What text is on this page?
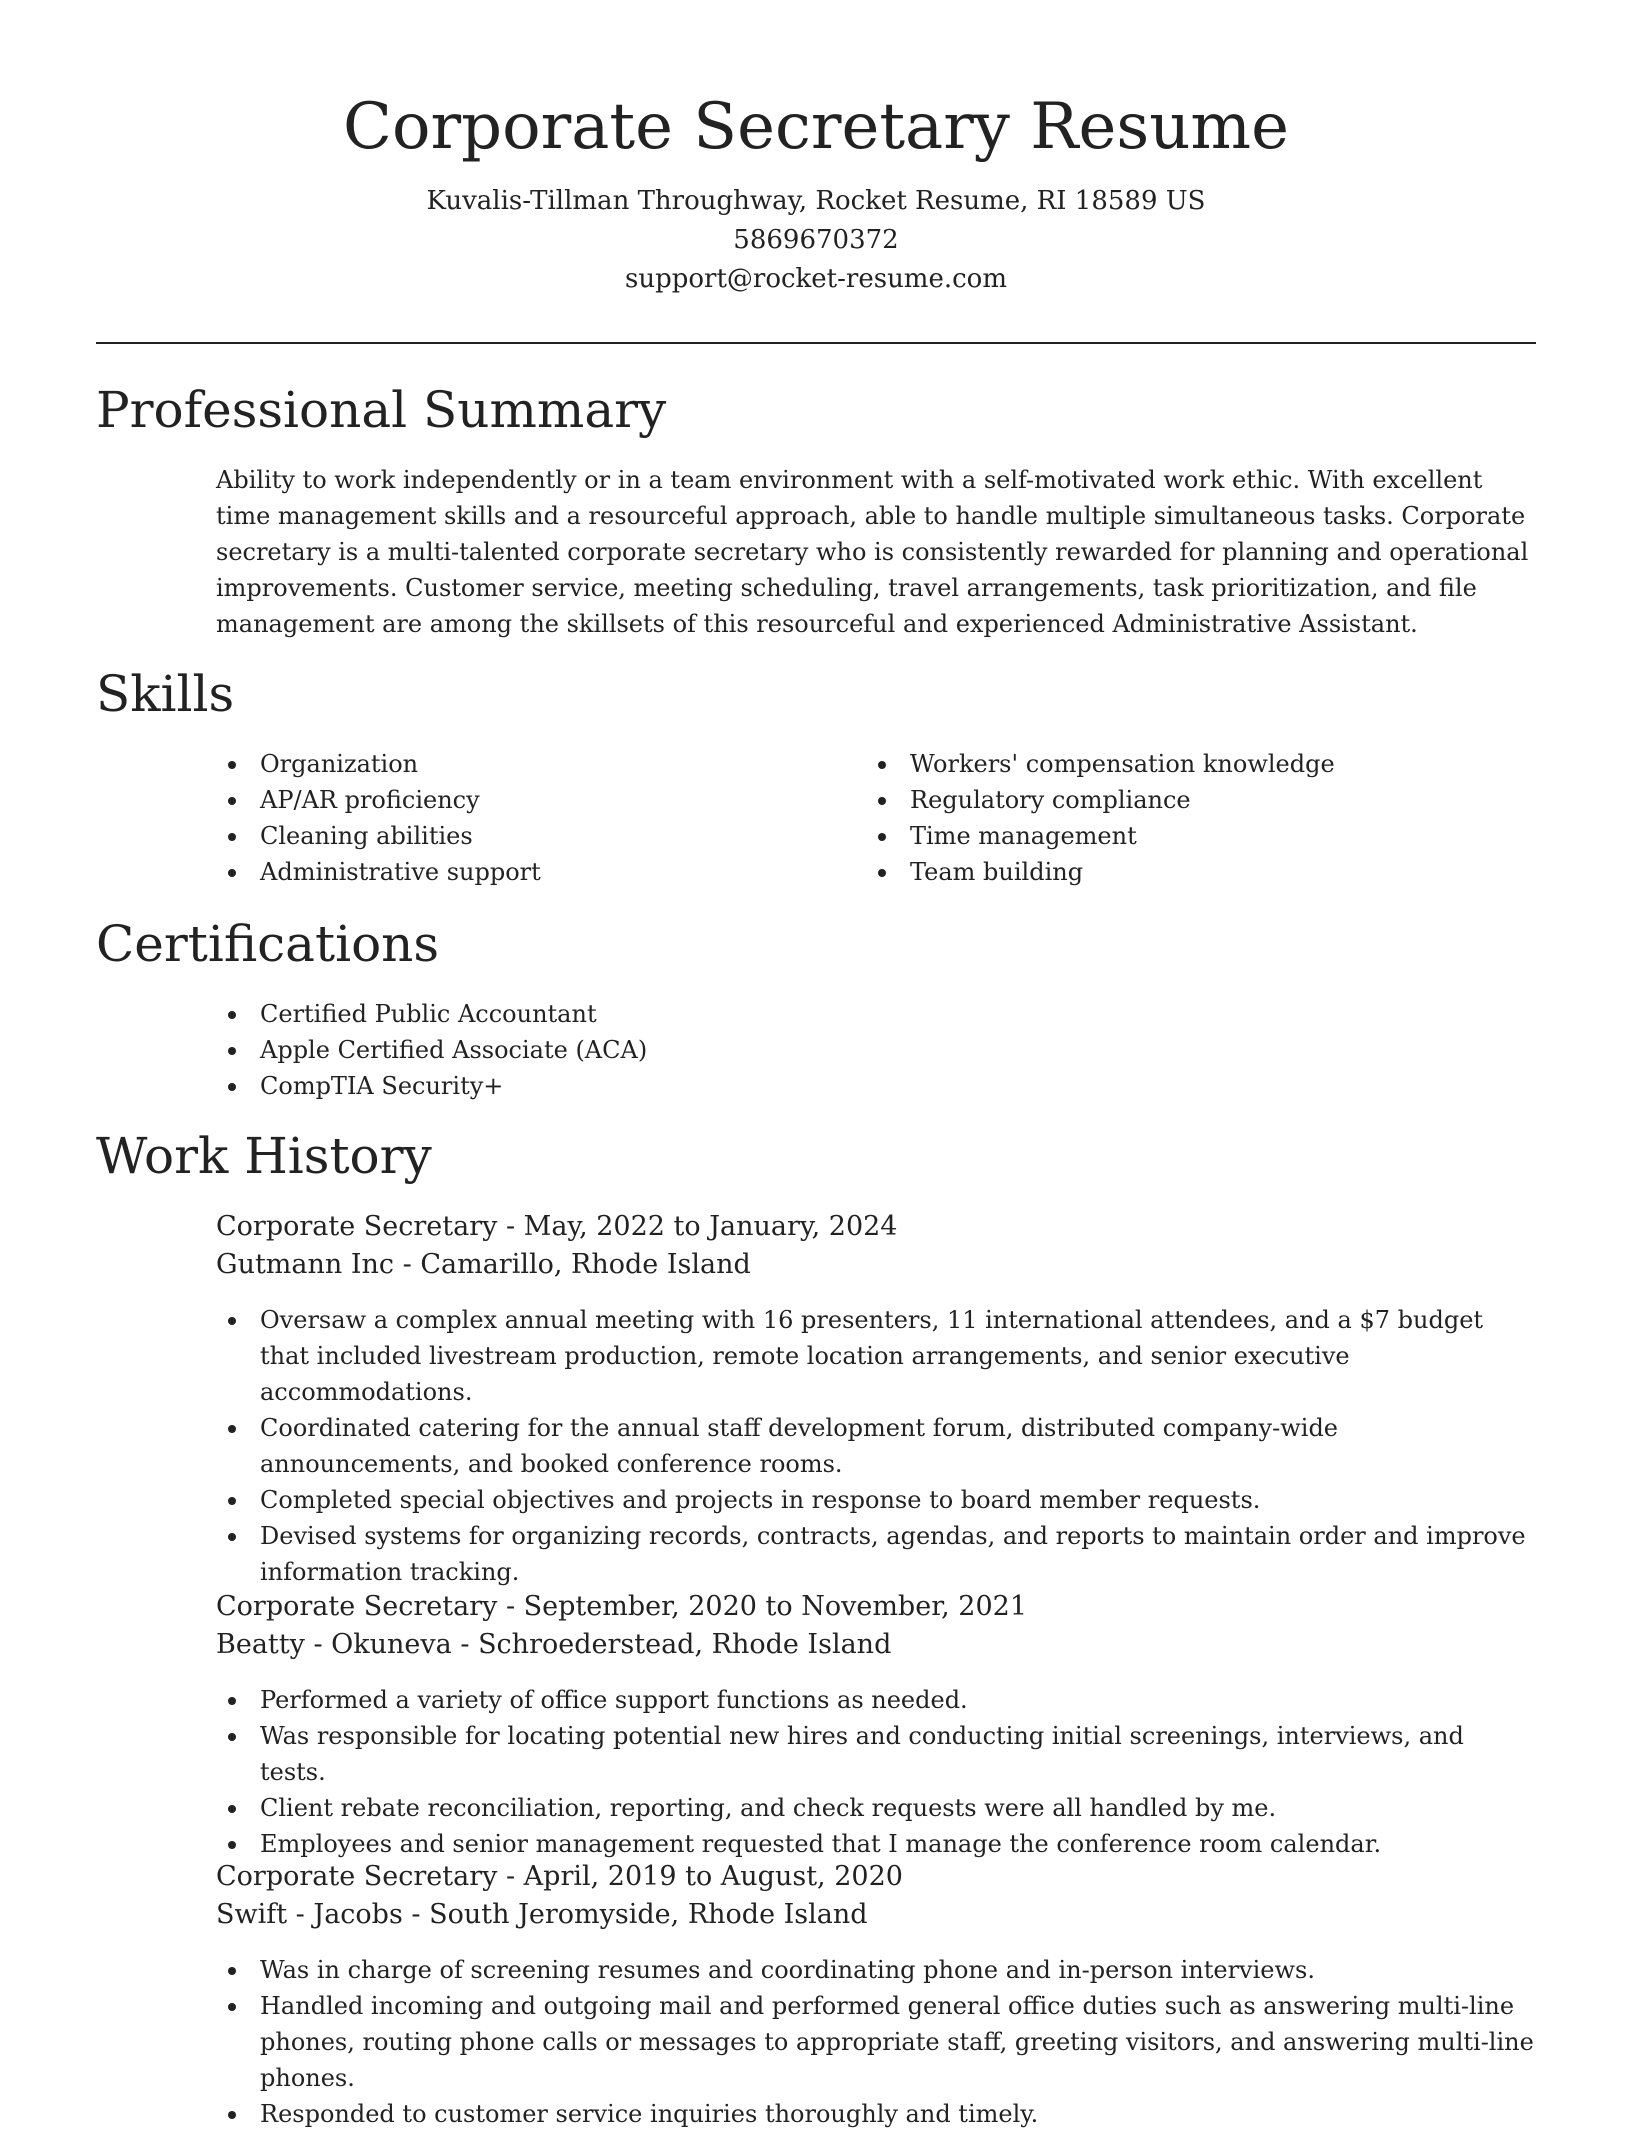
Corporate Secretary Resume

Kuvalis-Tillman Throughway, Rocket Resume, RI 18589 US

5869670372

support@rocket-resume.com

Professional Summary

Ability to work independently or in a team environment with a self-motivated work ethic. With excellent time management skills and a resourceful approach, able to handle multiple simultaneous tasks. Corporate secretary is a multi-talented corporate secretary who is consistently rewarded for planning and operational improvements. Customer service, meeting scheduling, travel arrangements, task prioritization, and file management are among the skillsets of this resourceful and experienced Administrative Assistant.

Skills
Organization
AP/AR proficiency
Cleaning abilities
Administrative support
Workers' compensation knowledge
Regulatory compliance
Time management
Team building
Certifications
Certified Public Accountant
Apple Certified Associate (ACA)
CompTIA Security+
Work History

Corporate Secretary - May, 2022 to January, 2024

Gutmann Inc - Camarillo, Rhode Island

Oversaw a complex annual meeting with 16 presenters, 11 international attendees, and a $7 budget that included livestream production, remote location arrangements, and senior executive accommodations.
Coordinated catering for the annual staff development forum, distributed company-wide announcements, and booked conference rooms.
Completed special objectives and projects in response to board member requests.
Devised systems for organizing records, contracts, agendas, and reports to maintain order and improve information tracking.

Corporate Secretary - September, 2020 to November, 2021

Beatty - Okuneva - Schroederstead, Rhode Island

Performed a variety of office support functions as needed.
Was responsible for locating potential new hires and conducting initial screenings, interviews, and tests.
Client rebate reconciliation, reporting, and check requests were all handled by me.
Employees and senior management requested that I manage the conference room calendar.

Corporate Secretary - April, 2019 to August, 2020

Swift - Jacobs - South Jeromyside, Rhode Island

Was in charge of screening resumes and coordinating phone and in-person interviews.
Handled incoming and outgoing mail and performed general office duties such as answering multi-line phones, routing phone calls or messages to appropriate staff, greeting visitors, and answering multi-line phones.
Responded to customer service inquiries thoroughly and timely.
